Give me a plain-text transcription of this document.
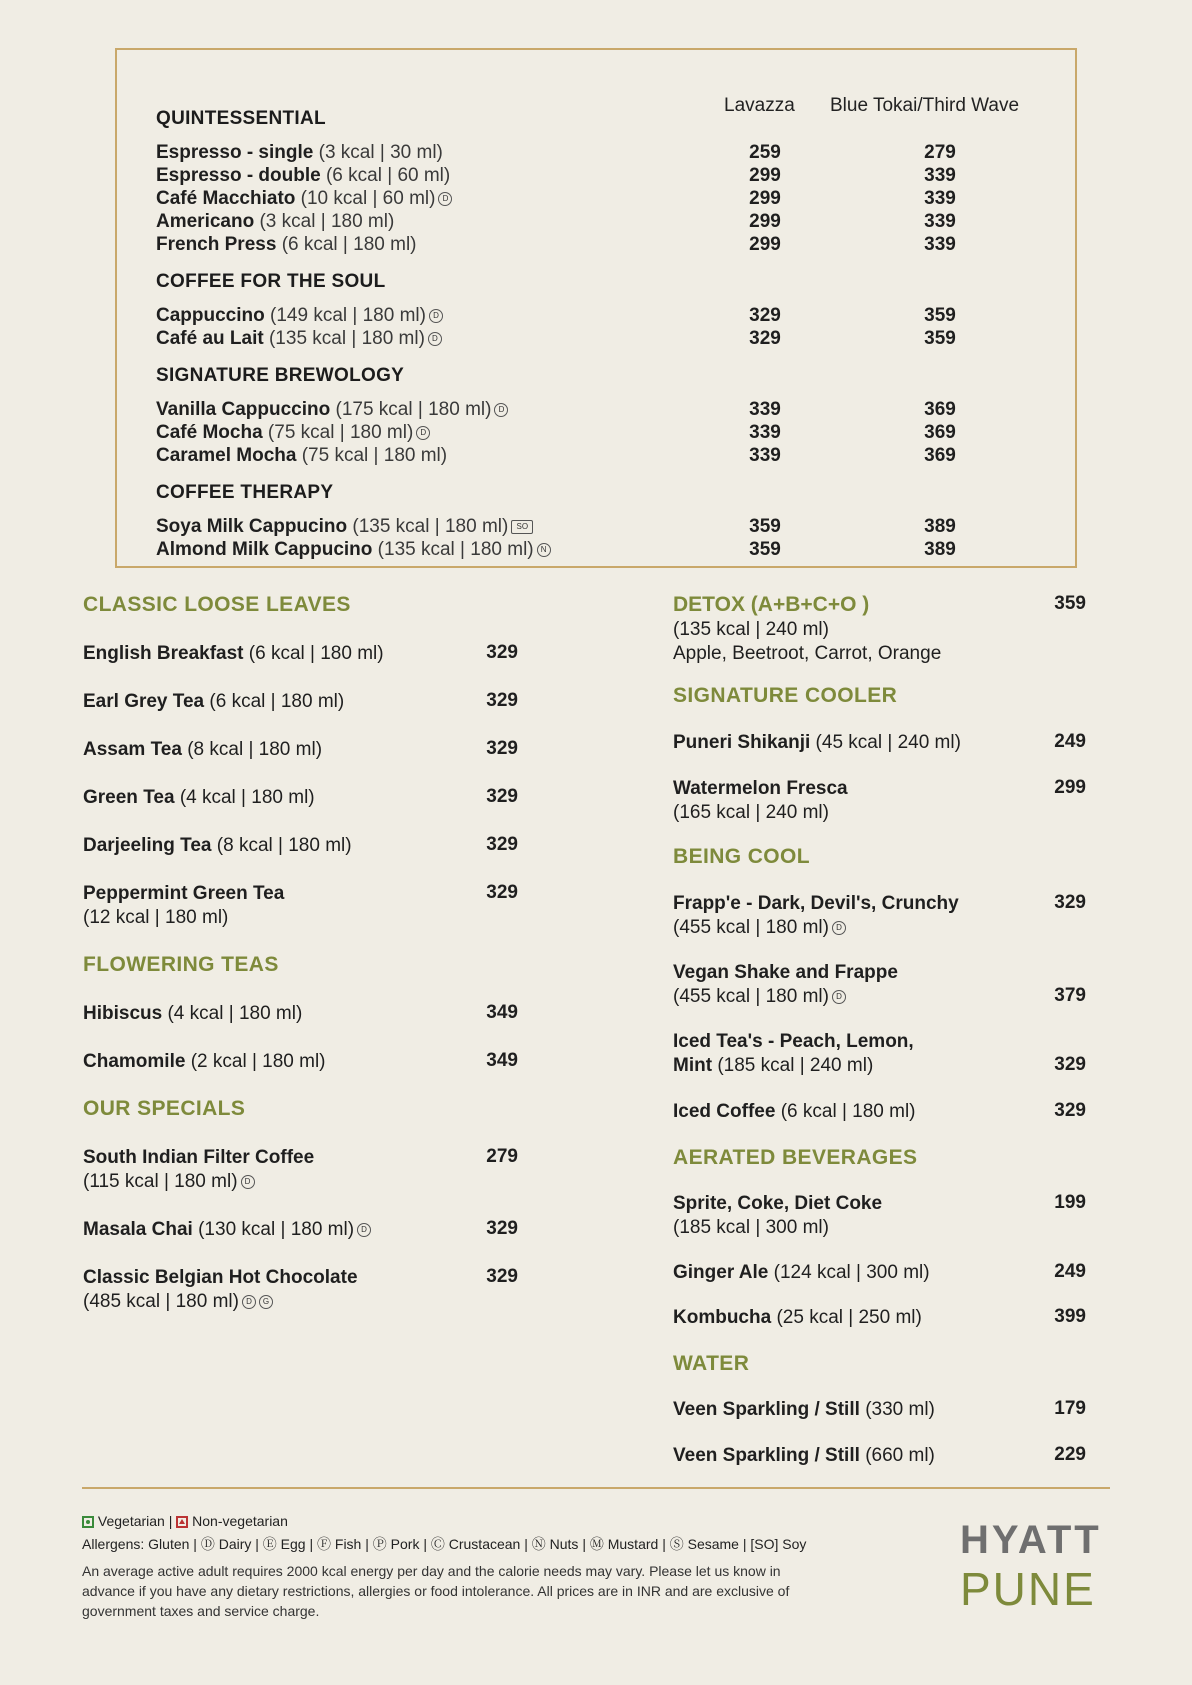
Lavazza Blue Tokai/Third Wave
QUINTESSENTIAL
Espresso - single (3 kcal | 30 ml)	259	279
Espresso - double (6 kcal | 60 ml)	299	339
Café Macchiato (10 kcal | 60 ml) D	299	339
Americano (3 kcal | 180 ml)	299	339
French Press (6 kcal | 180 ml)	299	339
COFFEE FOR THE SOUL
Cappuccino (149 kcal | 180 ml) D	329	359
Café au Lait (135 kcal | 180 ml) D	329	359
SIGNATURE BREWOLOGY
Vanilla Cappuccino (175 kcal | 180 ml) D	339	369
Café Mocha (75 kcal | 180 ml) D	339	369
Caramel Mocha (75 kcal | 180 ml)	339	369
COFFEE THERAPY
Soya Milk Cappucino (135 kcal | 180 ml) SO	359	389
Almond Milk Cappucino (135 kcal | 180 ml) N	359	389
CLASSIC LOOSE LEAVES
English Breakfast (6 kcal | 180 ml)	329
Earl Grey Tea (6 kcal | 180 ml)	329
Assam Tea (8 kcal | 180 ml)	329
Green Tea (4 kcal | 180 ml)	329
Darjeeling Tea (8 kcal | 180 ml)	329
Peppermint Green Tea
(12 kcal | 180 ml)
329
FLOWERING TEAS
Hibiscus (4 kcal | 180 ml)	349
Chamomile (2 kcal | 180 ml)	349
OUR SPECIALS
South Indian Filter Coffee
(115 kcal | 180 ml) D
279
Masala Chai (130 kcal | 180 ml) D	329
Classic Belgian Hot Chocolate
(485 kcal | 180 ml) D G
329
DETOX (A+B+C+O )
(135 kcal | 240 ml)
Apple, Beetroot, Carrot, Orange
359
SIGNATURE COOLER
Puneri Shikanji (45 kcal | 240 ml)	249
Watermelon Fresca
(165 kcal | 240 ml)
299
BEING COOL
Frapp'e - Dark, Devil's, Crunchy
(455 kcal | 180 ml) D
329
Vegan Shake and Frappe
(455 kcal | 180 ml) D	379
Iced Tea's - Peach, Lemon,
Mint (185 kcal | 240 ml)	329
Iced Coffee (6 kcal | 180 ml)	329
AERATED BEVERAGES
Sprite, Coke, Diet Coke
(185 kcal | 300 ml)
199
Ginger Ale (124 kcal | 300 ml)	249
Kombucha (25 kcal | 250 ml)	399
WATER
Veen Sparkling / Still (330 ml)	179
Veen Sparkling / Still (660 ml)	229
Vegetarian | Non-vegetarian
Allergens: Gluten | Ⓓ Dairy | Ⓔ Egg | Ⓕ Fish | Ⓟ Pork | Ⓒ Crustacean | Ⓝ Nuts | Ⓜ Mustard | Ⓢ Sesame | [SO] Soy
An average active adult requires 2000 kcal energy per day and the calorie needs may vary. Please let us know in
advance if you have any dietary restrictions, allergies or food intolerance. All prices are in INR and are exclusive of
government taxes and service charge.
HYATT
PUNE
